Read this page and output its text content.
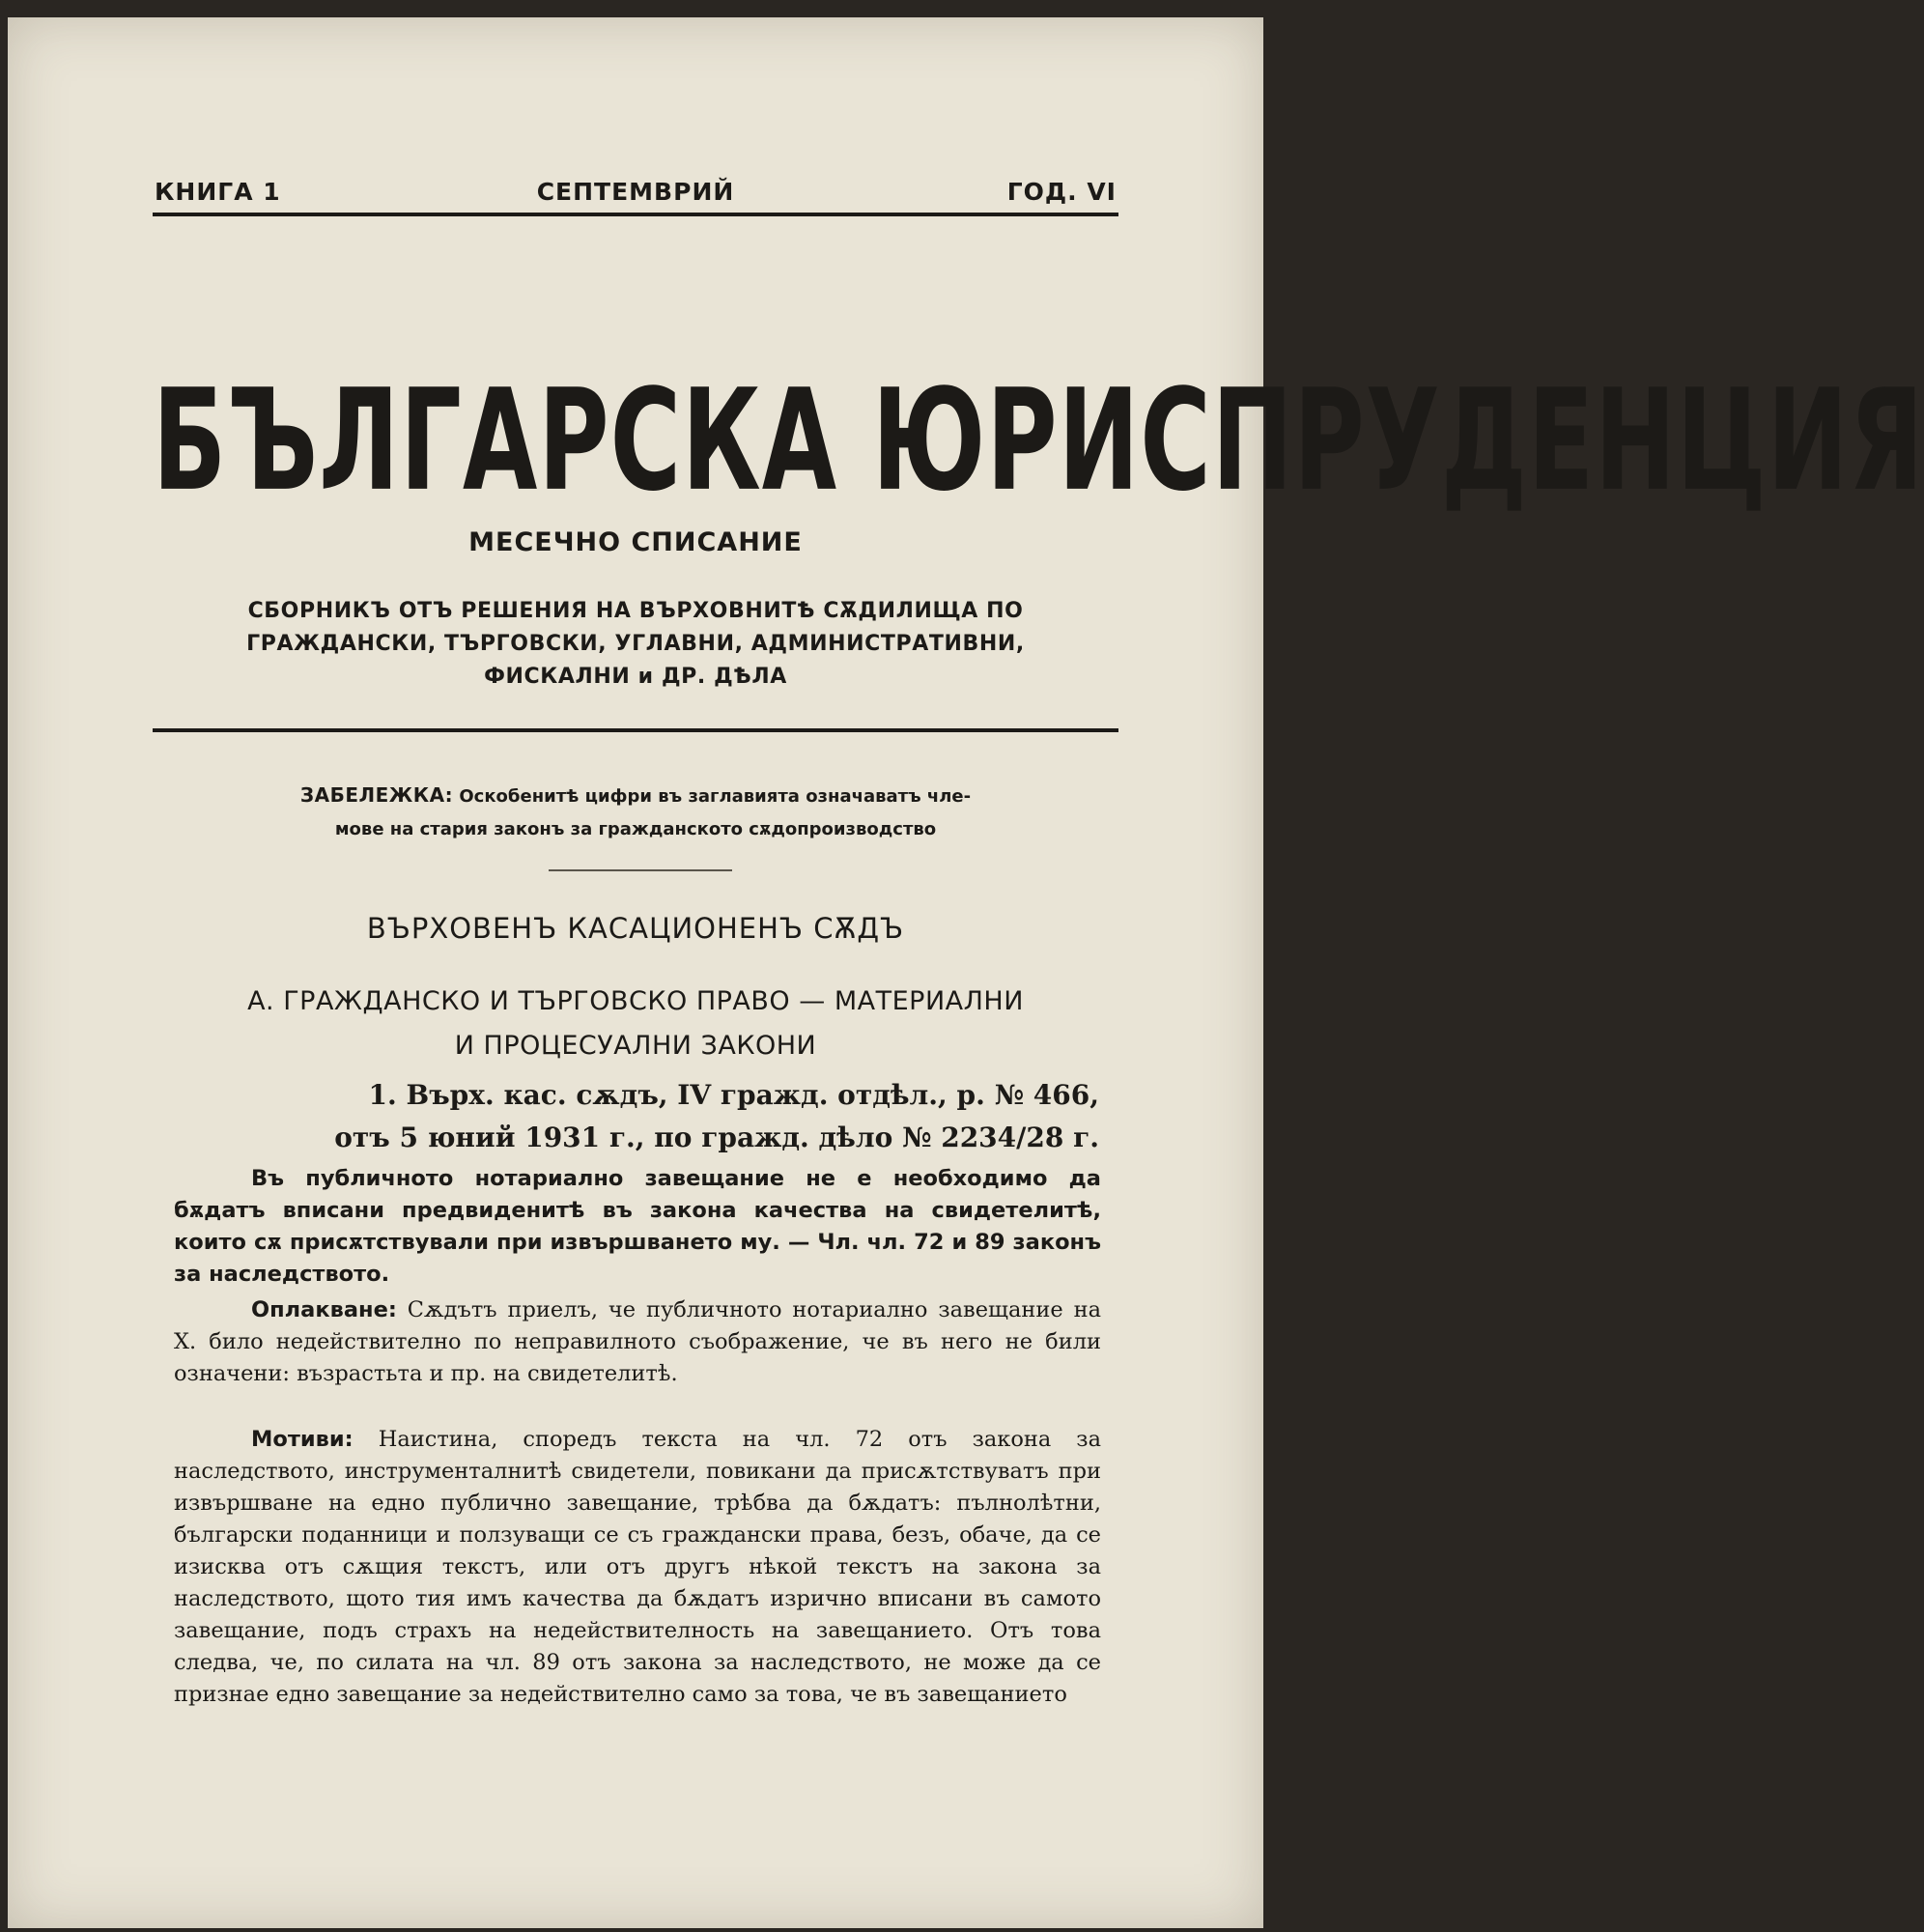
КНИГА 1	СЕПТЕМВРИЙ	ГОД. VI
БЪЛГАРСКА ЮРИСПРУДЕНЦИЯ
МЕСЕЧНО СПИСАНИЕ
СБОРНИКЪ ОТЪ РЕШЕНИЯ НА ВЪРХОВНИТѢ СѪДИЛИЩА ПО
ГРАЖДАНСКИ, ТЪРГОВСКИ, УГЛАВНИ, АДМИНИСТРАТИВНИ,
ФИСКАЛНИ и ДР. ДѢЛА
ЗАБЕЛЕЖКА: Оскобенитѣ цифри въ заглавията означаватъ чле-
мове на стария законъ за гражданското сѫдопроизводство
ВЪРХОВЕНЪ КАСАЦИОНЕНЪ СѪДЪ
А. ГРАЖДАНСКО И ТЪРГОВСКО ПРАВО — МАТЕРИАЛНИ
И ПРОЦЕСУАЛНИ ЗАКОНИ
1. Върх. кас. сѫдъ, IV гражд. отдѣл., р. № 466,
отъ 5 юний 1931 г., по гражд. дѣло № 2234/28 г.
Въ публичното нотариално завещание не е необходимо да бѫдатъ вписани предвиденитѣ въ закона качества на свидетелитѣ, които сѫ присѫтствували при извършването му. — Чл. чл. 72 и 89 законъ за наследството.
Оплакване: Сѫдътъ приелъ, че публичното нотариално завещание на Х. било недействително по неправилното съображение, че въ него не били означени: възрастьта и пр. на свидетелитѣ.
Мотиви: Наистина, споредъ текста на чл. 72 отъ закона за наследството, инструменталнитѣ свидетели, повикани да присѫтствуватъ при извършване на едно публично завещание, трѣбва да бѫдатъ: пълнолѣтни, български поданници и ползуващи се съ граждански права, безъ, обаче, да се изисква отъ сѫщия текстъ, или отъ другъ нѣкой текстъ на закона за наследството, щото тия имъ качества да бѫдатъ изрично вписани въ самото завещание, подъ страхъ на недействителность на завещанието. Отъ това следва, че, по силата на чл. 89 отъ закона за наследството, не може да се признае едно завещание за недействително само за това, че въ завещанието
